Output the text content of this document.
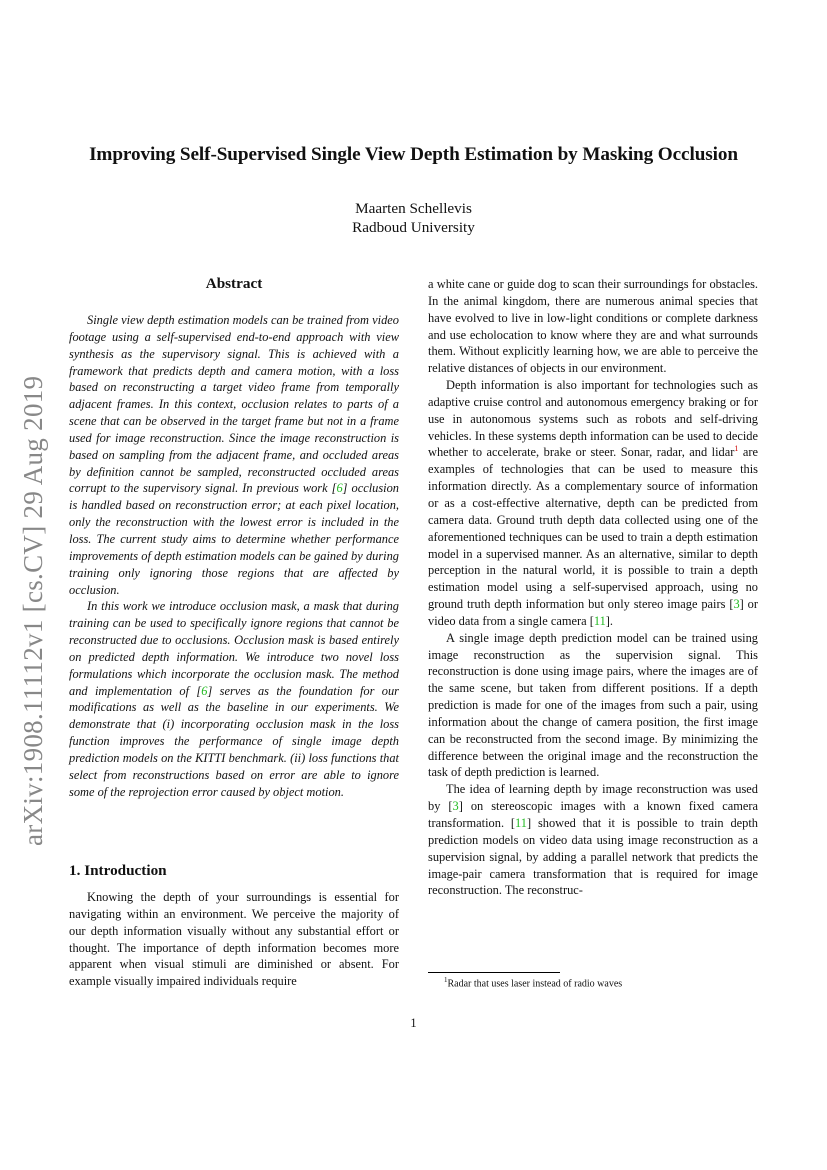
arXiv:1908.11112v1 [cs.CV] 29 Aug 2019
Improving Self-Supervised Single View Depth Estimation by Masking Occlusion
Maarten Schellevis
Radboud University
Abstract

Single view depth estimation models can be trained from video footage using a self-supervised end-to-end approach with view synthesis as the supervisory signal. This is achieved with a framework that predicts depth and camera motion, with a loss based on reconstructing a target video frame from temporally adjacent frames. In this context, occlusion relates to parts of a scene that can be observed in the target frame but not in a frame used for image reconstruction. Since the image reconstruction is based on sampling from the adjacent frame, and occluded areas by definition cannot be sampled, reconstructed occluded areas corrupt to the supervisory signal. In previous work [6] occlusion is handled based on reconstruction error; at each pixel location, only the reconstruction with the lowest error is included in the loss. The current study aims to determine whether performance improvements of depth estimation models can be gained by during training only ignoring those regions that are affected by occlusion.

In this work we introduce occlusion mask, a mask that during training can be used to specifically ignore regions that cannot be reconstructed due to occlusions. Occlusion mask is based entirely on predicted depth information. We introduce two novel loss formulations which incorporate the occlusion mask. The method and implementation of [6] serves as the foundation for our modifications as well as the baseline in our experiments. We demonstrate that (i) incorporating occlusion mask in the loss function improves the performance of single image depth prediction models on the KITTI benchmark. (ii) loss functions that select from reconstructions based on error are able to ignore some of the reprojection error caused by object motion.

1. Introduction

Knowing the depth of your surroundings is essential for navigating within an environment. We perceive the majority of our depth information visually without any substantial effort or thought. The importance of depth information becomes more apparent when visual stimuli are diminished or absent. For example visually impaired individuals require

a white cane or guide dog to scan their surroundings for obstacles. In the animal kingdom, there are numerous animal species that have evolved to live in low-light conditions or complete darkness and use echolocation to know where they are and what surrounds them. Without explicitly learning how, we are able to perceive the relative distances of objects in our environment.

Depth information is also important for technologies such as adaptive cruise control and autonomous emergency braking or for use in autonomous systems such as robots and self-driving vehicles. In these systems depth information can be used to decide whether to accelerate, brake or steer. Sonar, radar, and lidar$^1$ are examples of technologies that can be used to measure this information directly. As a complementary source of information or as a cost-effective alternative, depth can be predicted from camera data. Ground truth depth data collected using one of the aforementioned techniques can be used to train a depth estimation model in a supervised manner. As an alternative, similar to depth perception in the natural world, it is possible to train a depth estimation model using a self-supervised approach, using no ground truth depth information but only stereo image pairs [3] or video data from a single camera [11].

A single image depth prediction model can be trained using image reconstruction as the supervision signal. This reconstruction is done using image pairs, where the images are of the same scene, but taken from different positions. If a depth prediction is made for one of the images from such a pair, using information about the change of camera position, the first image can be reconstructed from the second image. By minimizing the difference between the original image and the reconstruction the task of depth prediction is learned.

The idea of learning depth by image reconstruction was used by [3] on stereoscopic images with a known fixed camera transformation. [11] showed that it is possible to train depth prediction models on video data using image reconstruction as a supervision signal, by adding a parallel network that predicts the image-pair camera transformation that is required for image reconstruction. The reconstruc-

$^1$Radar that uses laser instead of radio waves
1
